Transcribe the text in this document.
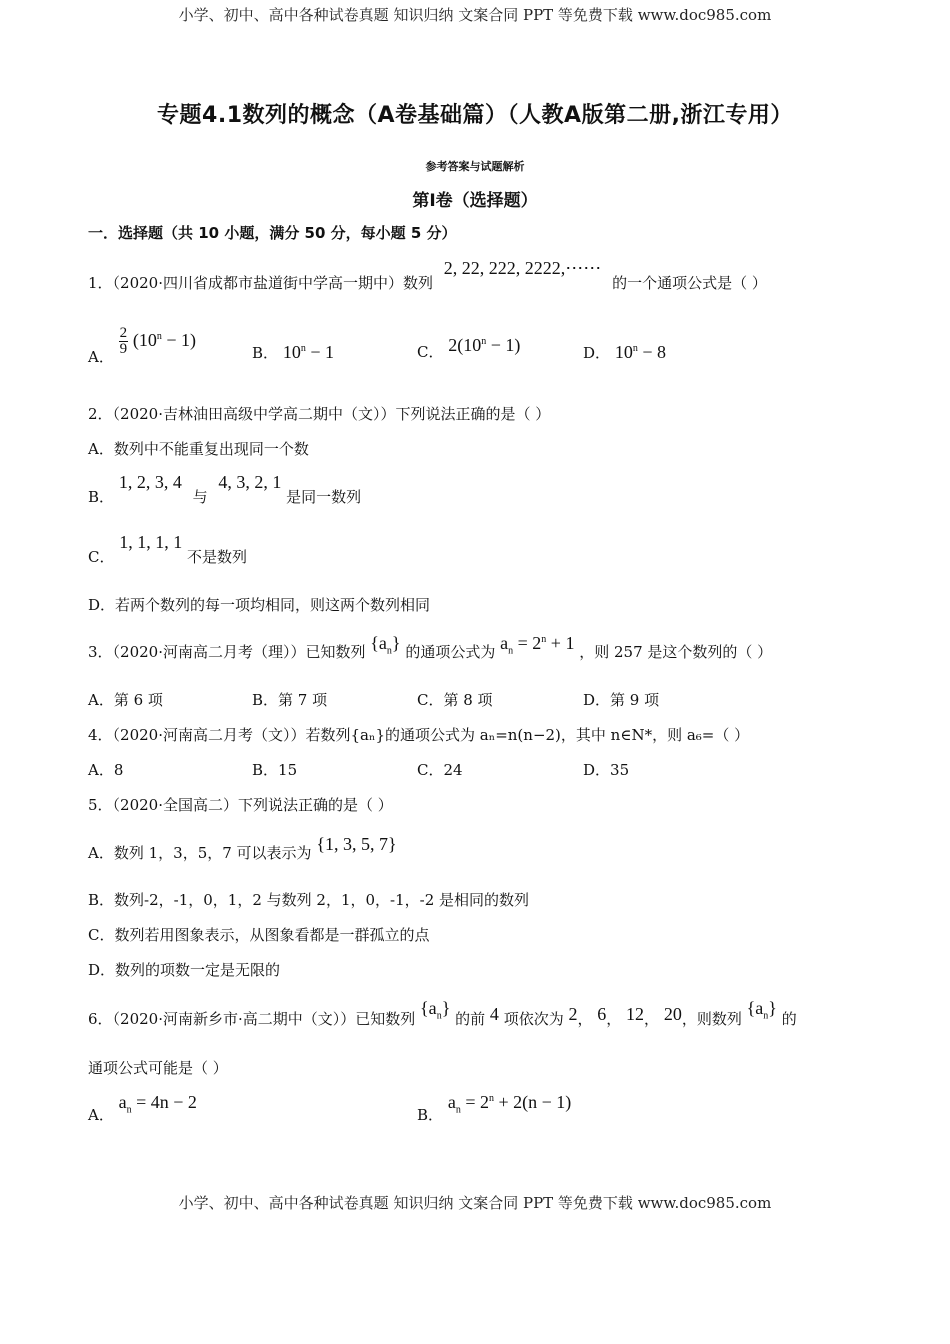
小学、初中、高中各种试卷真题 知识归纳 文案合同 PPT 等免费下载 www.doc985.com
专题4.1数列的概念（A卷基础篇）（人教A版第二册,浙江专用）
参考答案与试题解析
第Ⅰ卷（选择题）
一．选择题（共 10 小题，满分 50 分，每小题 5 分）
1．（2020·四川省成都市盐道街中学高一期中）数列 2, 22, 222, 2222,⋯⋯ 的一个通项公式是（ ）
A． $\frac{2}{9} (10^n - 1)$
B． $10^n - 1$	C． $2(10^n - 1)$	D． $10^n - 8$
2．（2020·吉林油田高级中学高二期中（文））下列说法正确的是（ ）
A．数列中不能重复出现同一个数
B． 1, 2, 3, 4 与 4, 3, 2, 1 是同一数列
C． 1, 1, 1, 1 不是数列
D．若两个数列的每一项均相同，则这两个数列相同
3．（2020·河南高二月考（理））已知数列 $\{a_n\}$ 的通项公式为 $a_n = 2^n + 1$ ，则 257 是这个数列的（ ）
A．第 6 项	B．第 7 项	C．第 8 项	D．第 9 项
4．（2020·河南高二月考（文））若数列{aₙ}的通项公式为 aₙ=n(n−2)，其中 n∈N*，则 a₆=（ ）
A．8	B．15	C．24	D．35
5．（2020·全国高二）下列说法正确的是（ ）
A．数列 1，3，5，7 可以表示为 {1, 3, 5, 7}
B．数列-2，-1，0，1，2 与数列 2，1，0，-1，-2 是相同的数列
C．数列若用图象表示，从图象看都是一群孤立的点
D．数列的项数一定是无限的
6．（2020·河南新乡市·高二期中（文））已知数列 $\{a_n\}$ 的前 4 项依次为 2， 6， 12， 20，则数列 $\{a_n\}$ 的
通项公式可能是（ ）
A． $a_n = 4n - 2$
B． $a_n = 2^n + 2(n - 1)$
小学、初中、高中各种试卷真题 知识归纳 文案合同 PPT 等免费下载 www.doc985.com
